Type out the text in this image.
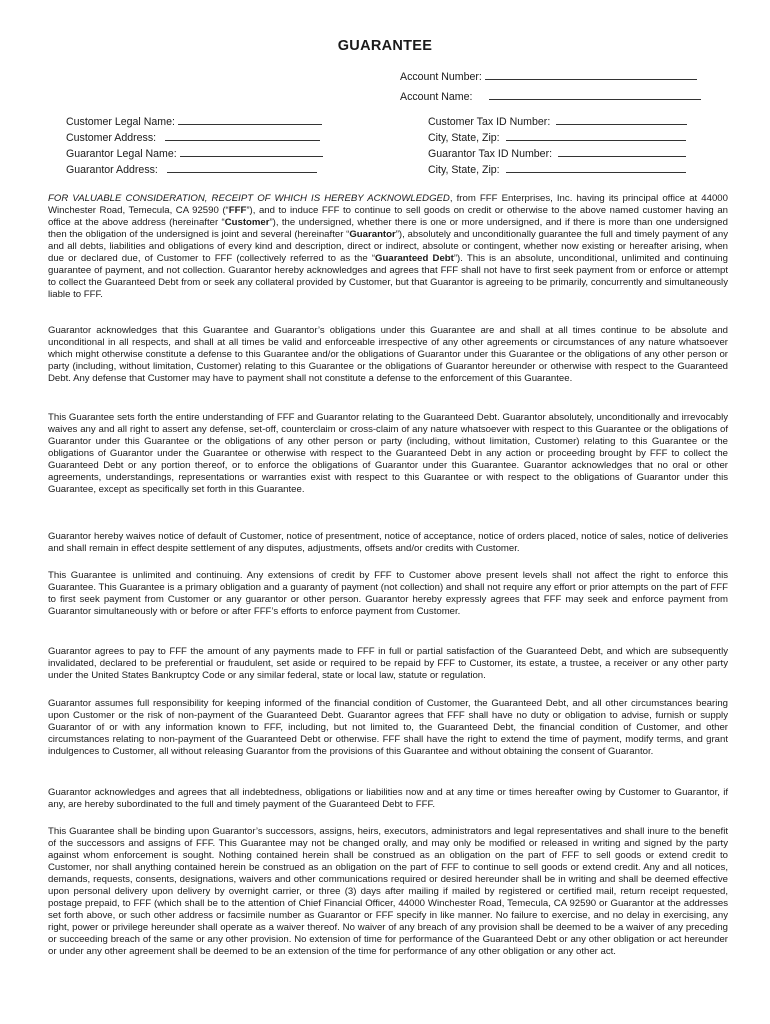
GUARANTEE
Account Number:
Account Name:
Customer Legal Name:
Customer Address:
Guarantor Legal Name:
Guarantor Address:
Customer Tax ID Number:
City, State, Zip:
Guarantor Tax ID Number:
City, State, Zip:

FOR VALUABLE CONSIDERATION, RECEIPT OF WHICH IS HEREBY ACKNOWLEDGED, from FFF Enterprises, Inc. having its principal office at 44000 Winchester Road, Temecula, CA 92590 (“FFF”), and to induce FFF to continue to sell goods on credit or otherwise to the above named customer having an office at the above address (hereinafter “Customer”), the undersigned, whether there is one or more undersigned, and if there is more than one undersigned then the obligation of the undersigned is joint and several (hereinafter “Guarantor”), absolutely and unconditionally guarantee the full and timely payment of any and all debts, liabilities and obligations of every kind and description, direct or indirect, absolute or contingent, whether now existing or hereafter arising, when due or declared due, of Customer to FFF (collectively referred to as the “Guaranteed Debt”). This is an absolute, unconditional, unlimited and continuing guarantee of payment, and not collection. Guarantor hereby acknowledges and agrees that FFF shall not have to first seek payment from or enforce or attempt to collect the Guaranteed Debt from or seek any collateral provided by Customer, but that Guarantor is agreeing to be primarily, concurrently and simultaneously liable to FFF.

Guarantor acknowledges that this Guarantee and Guarantor’s obligations under this Guarantee are and shall at all times continue to be absolute and unconditional in all respects, and shall at all times be valid and enforceable irrespective of any other agreements or circumstances of any nature whatsoever which might otherwise constitute a defense to this Guarantee and/or the obligations of Guarantor under this Guarantee or the obligations of any other person or party (including, without limitation, Customer) relating to this Guarantee or the obligations of Guarantor hereunder or otherwise with respect to the Guaranteed Debt. Any defense that Customer may have to payment shall not constitute a defense to the enforcement of this Guarantee.

This Guarantee sets forth the entire understanding of FFF and Guarantor relating to the Guaranteed Debt. Guarantor absolutely, unconditionally and irrevocably waives any and all right to assert any defense, set-off, counterclaim or cross-claim of any nature whatsoever with respect to this Guarantee or the obligations of Guarantor under this Guarantee or the obligations of any other person or party (including, without limitation, Customer) relating to this Guarantee or the obligations of Guarantor under the Guarantee or otherwise with respect to the Guaranteed Debt in any action or proceeding brought by FFF to collect the Guaranteed Debt or any portion thereof, or to enforce the obligations of Guarantor under this Guarantee. Guarantor acknowledges that no oral or other agreements, understandings, representations or warranties exist with respect to this Guarantee or with respect to the obligations of Guarantor under this Guarantee, except as specifically set forth in this Guarantee.

Guarantor hereby waives notice of default of Customer, notice of presentment, notice of acceptance, notice of orders placed, notice of sales, notice of deliveries and shall remain in effect despite settlement of any disputes, adjustments, offsets and/or credits with Customer.

This Guarantee is unlimited and continuing. Any extensions of credit by FFF to Customer above present levels shall not affect the right to enforce this Guarantee. This Guarantee is a primary obligation and a guaranty of payment (not collection) and shall not require any effort or prior attempts on the part of FFF to first seek payment from Customer or any guarantor or other person. Guarantor hereby expressly agrees that FFF may seek and enforce payment from Guarantor simultaneously with or before or after FFF’s efforts to enforce payment from Customer.

Guarantor agrees to pay to FFF the amount of any payments made to FFF in full or partial satisfaction of the Guaranteed Debt, and which are subsequently invalidated, declared to be preferential or fraudulent, set aside or required to be repaid by FFF to Customer, its estate, a trustee, a receiver or any other party under the United States Bankruptcy Code or any similar federal, state or local law, statute or regulation.

Guarantor assumes full responsibility for keeping informed of the financial condition of Customer, the Guaranteed Debt, and all other circumstances bearing upon Customer or the risk of non-payment of the Guaranteed Debt. Guarantor agrees that FFF shall have no duty or obligation to advise, furnish or supply Guarantor of or with any information known to FFF, including, but not limited to, the Guaranteed Debt, the financial condition of Customer, and other circumstances relating to non-payment of the Guaranteed Debt or otherwise. FFF shall have the right to extend the time of payment, modify terms, and grant indulgences to Customer, all without releasing Guarantor from the provisions of this Guarantee and without obtaining the consent of Guarantor.

Guarantor acknowledges and agrees that all indebtedness, obligations or liabilities now and at any time or times hereafter owing by Customer to Guarantor, if any, are hereby subordinated to the full and timely payment of the Guaranteed Debt to FFF.

This Guarantee shall be binding upon Guarantor’s successors, assigns, heirs, executors, administrators and legal representatives and shall inure to the benefit of the successors and assigns of FFF. This Guarantee may not be changed orally, and may only be modified or released in writing and signed by the party against whom enforcement is sought. Nothing contained herein shall be construed as an obligation on the part of FFF to sell goods or extend credit to Customer, nor shall anything contained herein be construed as an obligation on the part of FFF to continue to sell goods or extend credit. Any and all notices, demands, requests, consents, designations, waivers and other communications required or desired hereunder shall be in writing and shall be deemed effective upon personal delivery upon delivery by overnight carrier, or three (3) days after mailing if mailed by registered or certified mail, return receipt requested, postage prepaid, to FFF (which shall be to the attention of Chief Financial Officer, 44000 Winchester Road, Temecula, CA 92590 or Guarantor at the addresses set forth above, or such other address or facsimile number as Guarantor or FFF specify in like manner. No failure to exercise, and no delay in exercising, any right, power or privilege hereunder shall operate as a waiver thereof. No waiver of any breach of any provision shall be deemed to be a waiver of any preceding or succeeding breach of the same or any other provision. No extension of time for performance of the Guaranteed Debt or any other obligation or act hereunder or under any other agreement shall be deemed to be an extension of the time for performance of any other obligation or any other act.
